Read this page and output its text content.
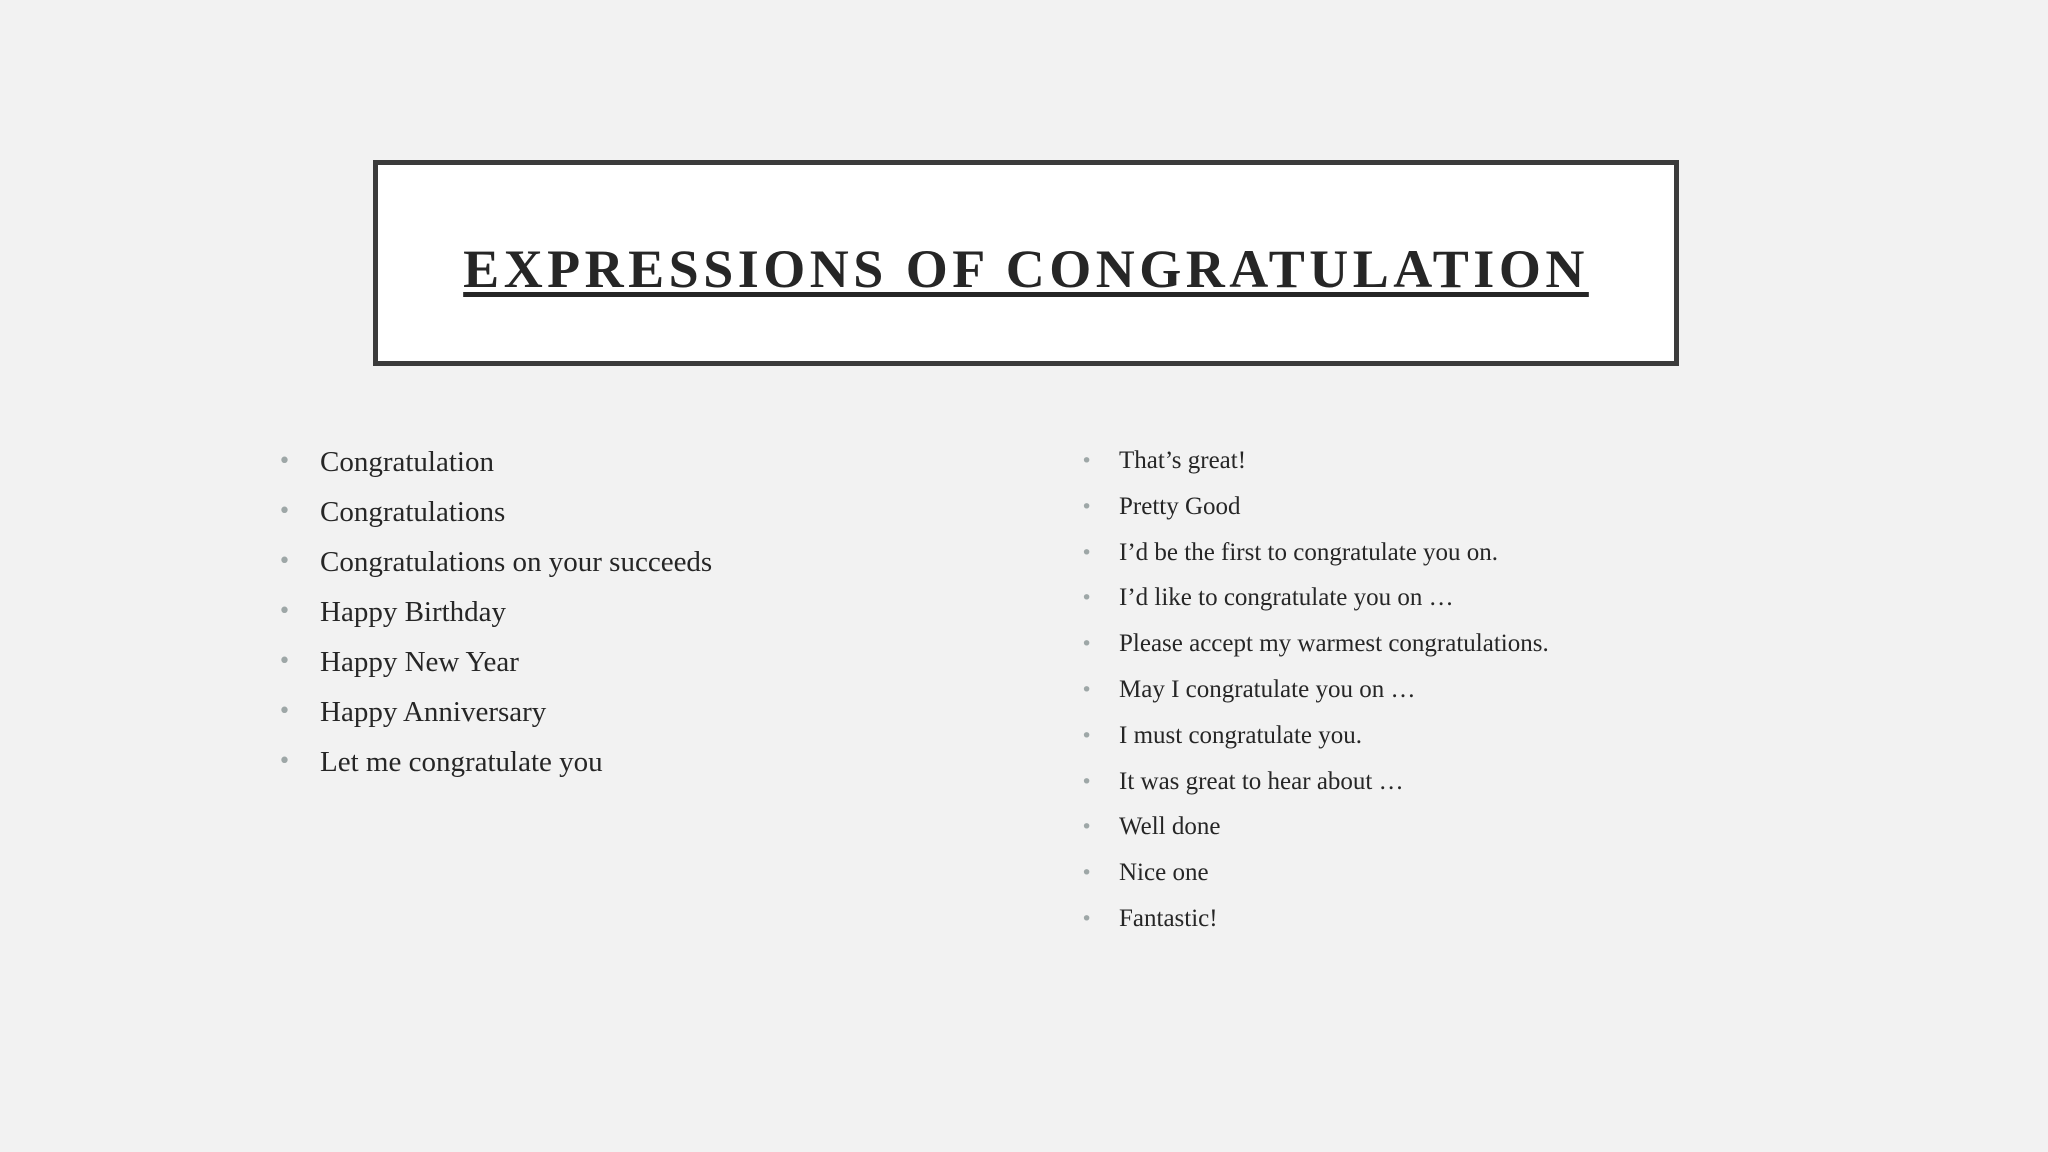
EXPRESSIONS OF CONGRATULATION
• Congratulation
• Congratulations
• Congratulations on your succeeds
• Happy Birthday
• Happy New Year
• Happy Anniversary
• Let me congratulate you
• That’s great!
• Pretty Good
• I’d be the first to congratulate you on.
• I’d like to congratulate you on …
• Please accept my warmest congratulations.
• May I congratulate you on …
• I must congratulate you.
• It was great to hear about …
• Well done
• Nice one
• Fantastic!
